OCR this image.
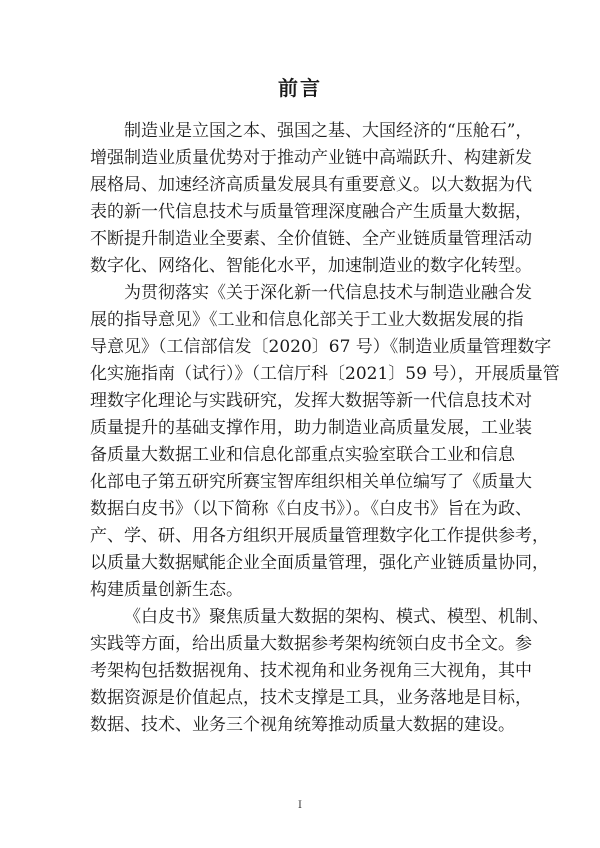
前言

制造业是立国之本、强国之基、大国经济的“压舱石”，
增强制造业质量优势对于推动产业链中高端跃升、构建新发
展格局、加速经济高质量发展具有重要意义。以大数据为代
表的新一代信息技术与质量管理深度融合产生质量大数据，
不断提升制造业全要素、全价值链、全产业链质量管理活动
数字化、网络化、智能化水平，加速制造业的数字化转型。

为贯彻落实《关于深化新一代信息技术与制造业融合发
展的指导意见》《工业和信息化部关于工业大数据发展的指
导意见》（工信部信发〔2020〕67 号）《制造业质量管理数字
化实施指南（试行）》（工信厅科〔2021〕59 号），开展质量管
理数字化理论与实践研究，发挥大数据等新一代信息技术对
质量提升的基础支撑作用，助力制造业高质量发展，工业装
备质量大数据工业和信息化部重点实验室联合工业和信息
化部电子第五研究所赛宝智库组织相关单位编写了《质量大
数据白皮书》（以下简称《白皮书》）。《白皮书》旨在为政、
产、学、研、用各方组织开展质量管理数字化工作提供参考，
以质量大数据赋能企业全面质量管理，强化产业链质量协同，
构建质量创新生态。

《白皮书》聚焦质量大数据的架构、模式、模型、机制、
实践等方面，给出质量大数据参考架构统领白皮书全文。参
考架构包括数据视角、技术视角和业务视角三大视角，其中
数据资源是价值起点，技术支撑是工具，业务落地是目标，
数据、技术、业务三个视角统筹推动质量大数据的建设。

I
